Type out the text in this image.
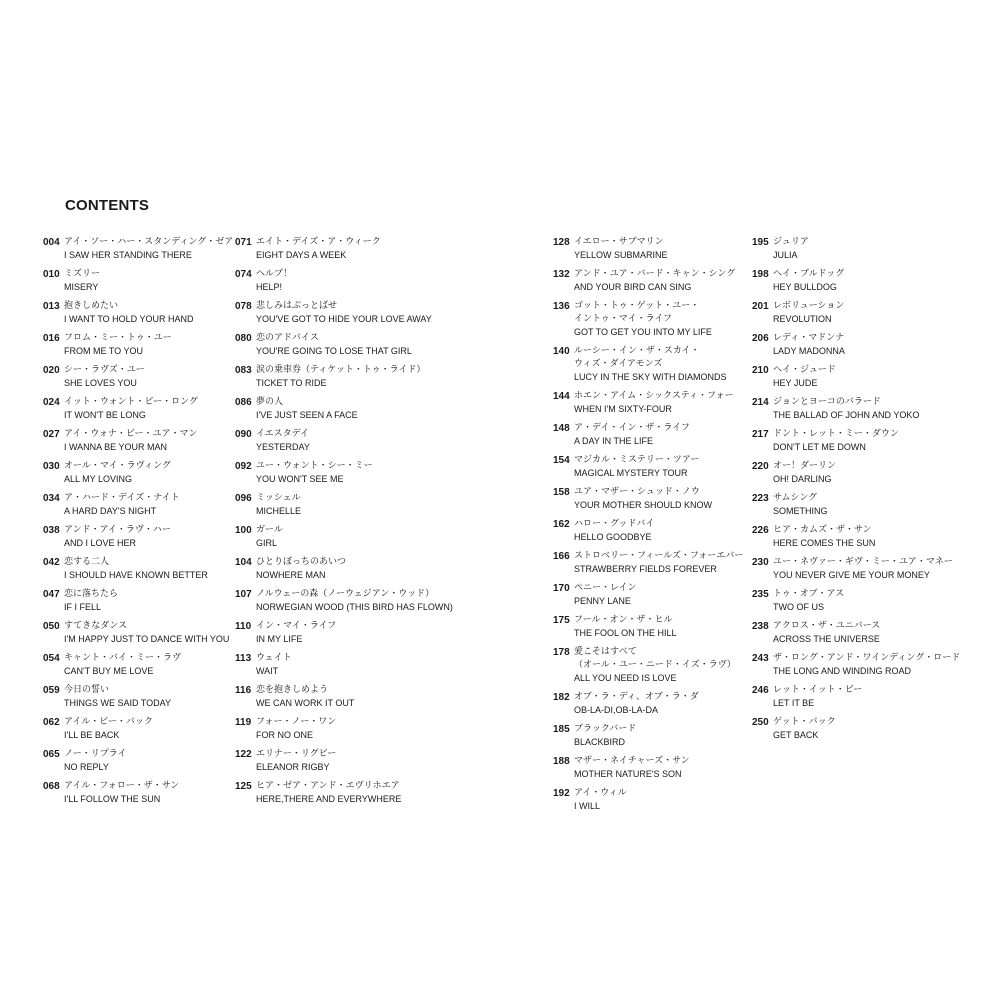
CONTENTS
004 アイ・ソー・ハー・スタンディング・ゼア
I SAW HER STANDING THERE
010 ミズリー
MISERY
013 抱きしめたい
I WANT TO HOLD YOUR HAND
016 フロム・ミー・トゥ・ユー
FROM ME TO YOU
020 シー・ラヴズ・ユー
SHE LOVES YOU
024 イット・ウォント・ビー・ロング
IT WON'T BE LONG
027 アイ・ウォナ・ビー・ユア・マン
I WANNA BE YOUR MAN
030 オール・マイ・ラヴィング
ALL MY LOVING
034 ア・ハード・デイズ・ナイト
A HARD DAY'S NIGHT
038 アンド・アイ・ラヴ・ハー
AND I LOVE HER
042 恋する二人
I SHOULD HAVE KNOWN BETTER
047 恋に落ちたら
IF I FELL
050 すてきなダンス
I'M HAPPY JUST TO DANCE WITH YOU
054 キャント・バイ・ミー・ラヴ
CAN'T BUY ME LOVE
059 今日の誓い
THINGS WE SAID TODAY
062 アイル・ビー・バック
I'LL BE BACK
065 ノー・リプライ
NO REPLY
068 アイル・フォロー・ザ・サン
I'LL FOLLOW THE SUN
071 エイト・デイズ・ア・ウィーク
EIGHT DAYS A WEEK
074 ヘルプ！
HELP!
078 悲しみはぶっとばせ
YOU'VE GOT TO HIDE YOUR LOVE AWAY
080 恋のアドバイス
YOU'RE GOING TO LOSE THAT GIRL
083 涙の乗車券（ティケット・トゥ・ライド）
TICKET TO RIDE
086 夢の人
I'VE JUST SEEN A FACE
090 イエスタデイ
YESTERDAY
092 ユー・ウォント・シー・ミー
YOU WON'T SEE ME
096 ミッシェル
MICHELLE
100 ガール
GIRL
104 ひとりぼっちのあいつ
NOWHERE MAN
107 ノルウェーの森（ノーウェジアン・ウッド）
NORWEGIAN WOOD (THIS BIRD HAS FLOWN)
110 イン・マイ・ライフ
IN MY LIFE
113 ウェイト
WAIT
116 恋を抱きしめよう
WE CAN WORK IT OUT
119 フォー・ノー・ワン
FOR NO ONE
122 エリナー・リグビー
ELEANOR RIGBY
125 ヒア・ゼア・アンド・エヴリホエア
HERE,THERE AND EVERYWHERE
128 イエロー・サブマリン
YELLOW SUBMARINE
132 アンド・ユア・バード・キャン・シング
AND YOUR BIRD CAN SING
136 ゴット・トゥ・ゲット・ユー・
イントゥ・マイ・ライフ
GOT TO GET YOU INTO MY LIFE
140 ルーシー・イン・ザ・スカイ・
ウィズ・ダイアモンズ
LUCY IN THE SKY WITH DIAMONDS
144 ホエン・アイム・シックスティ・フォー
WHEN I'M SIXTY-FOUR
148 ア・デイ・イン・ザ・ライフ
A DAY IN THE LIFE
154 マジカル・ミステリー・ツアー
MAGICAL MYSTERY TOUR
158 ユア・マザー・シュッド・ノウ
YOUR MOTHER SHOULD KNOW
162 ハロー・グッドバイ
HELLO GOODBYE
166 ストロベリー・フィールズ・フォーエバー
STRAWBERRY FIELDS FOREVER
170 ペニー・レイン
PENNY LANE
175 フール・オン・ザ・ヒル
THE FOOL ON THE HILL
178 愛こそはすべて
（オール・ユー・ニード・イズ・ラヴ）
ALL YOU NEED IS LOVE
182 オブ・ラ・ディ、オブ・ラ・ダ
OB-LA-DI,OB-LA-DA
185 ブラックバード
BLACKBIRD
188 マザー・ネイチャーズ・サン
MOTHER NATURE'S SON
192 アイ・ウィル
I WILL
195 ジュリア
JULIA
198 ヘイ・ブルドッグ
HEY BULLDOG
201 レボリューション
REVOLUTION
206 レディ・マドンナ
LADY MADONNA
210 ヘイ・ジュード
HEY JUDE
214 ジョンとヨーコのバラード
THE BALLAD OF JOHN AND YOKO
217 ドント・レット・ミー・ダウン
DON'T LET ME DOWN
220 オー！ダーリン
OH! DARLING
223 サムシング
SOMETHING
226 ヒア・カムズ・ザ・サン
HERE COMES THE SUN
230 ユー・ネヴァー・ギヴ・ミー・ユア・マネー
YOU NEVER GIVE ME YOUR MONEY
235 トゥ・オブ・アス
TWO OF US
238 アクロス・ザ・ユニバース
ACROSS THE UNIVERSE
243 ザ・ロング・アンド・ワインディング・ロード
THE LONG AND WINDING ROAD
246 レット・イット・ビー
LET IT BE
250 ゲット・バック
GET BACK
